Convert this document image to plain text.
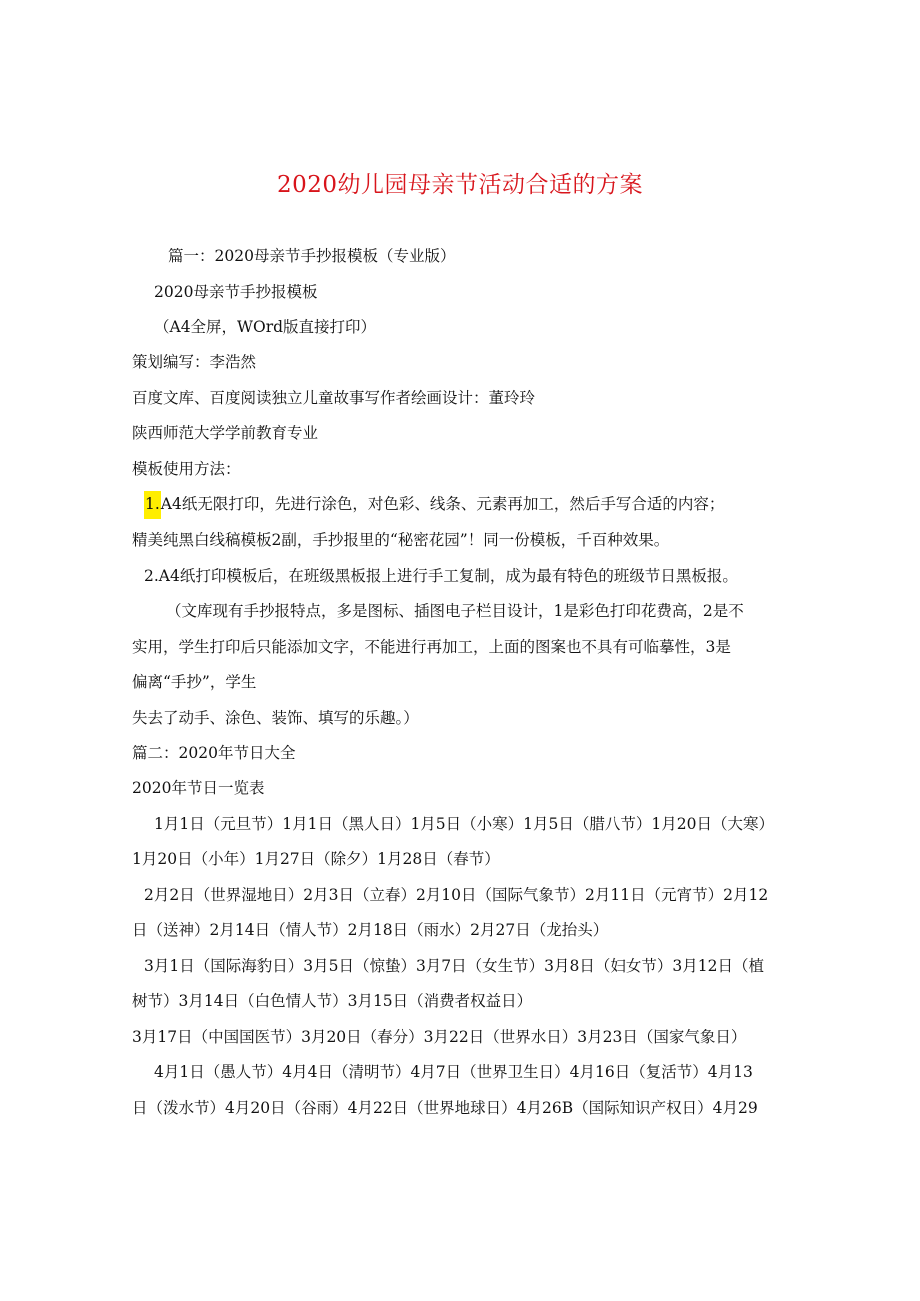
2020幼儿园母亲节活动合适的方案
篇一：2020母亲节手抄报模板（专业版）
2020母亲节手抄报模板
（A4全屏，WOrd版直接打印）
策划编写：李浩然
百度文库、百度阅读独立儿童故事写作者绘画设计：董玲玲
陕西师范大学学前教育专业
模板使用方法：
1.A4纸无限打印，先进行涂色，对色彩、线条、元素再加工，然后手写合适的内容；
精美纯黑白线稿模板2副，手抄报里的“秘密花园”！同一份模板，千百种效果。
2.A4纸打印模板后，在班级黑板报上进行手工复制，成为最有特色的班级节日黑板报。
（文库现有手抄报特点，多是图标、插图电子栏目设计，1是彩色打印花费高，2是不
实用，学生打印后只能添加文字，不能进行再加工，上面的图案也不具有可临摹性，3是
偏离“手抄”，学生
失去了动手、涂色、装饰、填写的乐趣。）
篇二：2020年节日大全
2020年节日一览表
1月1日（元旦节）1月1日（黑人日）1月5日（小寒）1月5日（腊八节）1月20日（大寒）
1月20日（小年）1月27日（除夕）1月28日（春节）
2月2日（世界湿地日）2月3日（立春）2月10日（国际气象节）2月11日（元宵节）2月12
日（送神）2月14日（情人节）2月18日（雨水）2月27日（龙抬头）
3月1日（国际海豹日）3月5日（惊蛰）3月7日（女生节）3月8日（妇女节）3月12日（植
树节）3月14日（白色情人节）3月15日（消费者权益日）
3月17日（中国国医节）3月20日（春分）3月22日（世界水日）3月23日（国家气象日）
4月1日（愚人节）4月4日（清明节）4月7日（世界卫生日）4月16日（复活节）4月13
日（泼水节）4月20日（谷雨）4月22日（世界地球日）4月26B（国际知识产权日）4月29
